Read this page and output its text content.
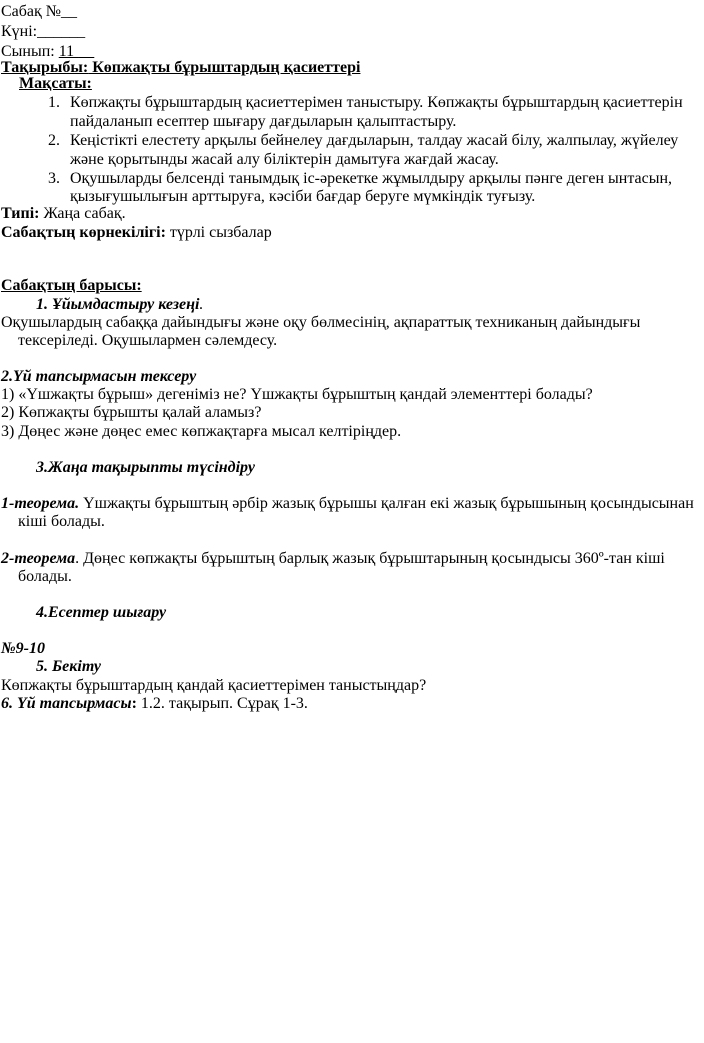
Сабақ №__
Күні:______
Сынып: 11 __
Тақырыбы: Көпжақты бұрыштардың қасиеттері
Мақсаты:
1. Көпжақты бұрыштардың қасиеттерімен таныстыру. Көпжақты бұрыштардың қасиеттерін
пайдаланып есептер шығару дағдыларын қалыптастыру.
2. Кеңістікті елестету арқылы бейнелеу дағдыларын, талдау жасай білу, жалпылау, жүйелеу
және қорытынды жасай алу біліктерін дамытуға жағдай жасау.
3. Оқушыларды белсенді танымдық іс-әрекетке жұмылдыру арқылы пәнге деген ынтасын,
қызығушылығын арттыруға, кәсіби бағдар беруге мүмкіндік туғызу.
Типі: Жаңа сабақ.
Сабақтың көрнекілігі: түрлі сызбалар
Сабақтың барысы:
1. Ұйымдастыру кезеңі.
Оқушылардың сабаққа дайындығы және оқу бөлмесінің, ақпараттық техниканың дайындығы
тексеріледі. Оқушылармен сәлемдесу.
2.Үй тапсырмасын тексеру
1) «Үшжақты бұрыш» дегеніміз не? Үшжақты бұрыштың қандай элементтері болады?
2) Көпжақты бұрышты қалай аламыз?
3) Дөңес және дөңес емес көпжақтарға мысал келтіріңдер.
3.Жаңа тақырыпты түсіндіру
1-теорема. Үшжақты бұрыштың әрбір жазық бұрышы қалған екі жазық бұрышының қосындысынан
кіші болады.
2-теорема. Дөңес көпжақты бұрыштың барлық жазық бұрыштарының қосындысы 360º-тан кіші
болады.
4.Есептер шығару
№9-10
5. Бекіту
Көпжақты бұрыштардың қандай қасиеттерімен таныстыңдар?
6. Үй тапсырмасы: 1.2. тақырып. Сұрақ 1-3.
